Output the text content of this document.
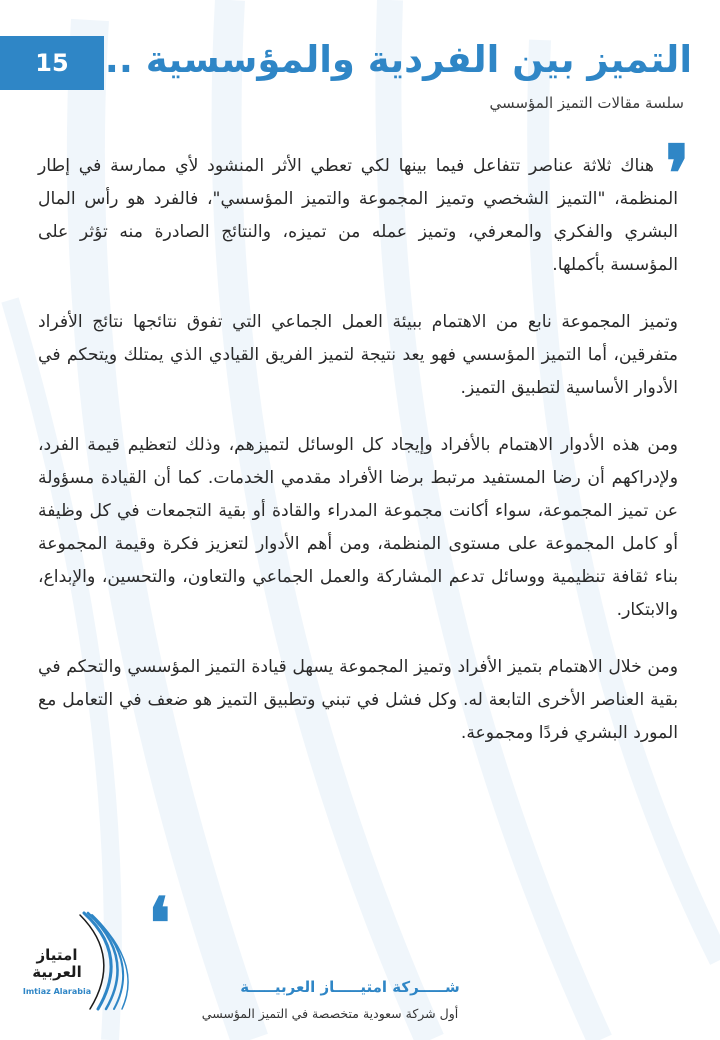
15 التميز بين الفردية والمؤسسية ..
سلسة مقالات التميز المؤسسي
❜

هناك ثلاثة عناصر تتفاعل فيما بينها لكي تعطي الأثر المنشود لأي ممارسة في إطار المنظمة، "التميز الشخصي وتميز المجموعة والتميز المؤسسي"، فالفرد هو رأس المال البشري والفكري والمعرفي، وتميز عمله من تميزه، والنتائج الصادرة منه تؤثر على المؤسسة بأكملها.

وتميز المجموعة نابع من الاهتمام ببيئة العمل الجماعي التي تفوق نتائجها نتائج الأفراد متفرقين، أما التميز المؤسسي فهو يعد نتيجة لتميز الفريق القيادي الذي يمتلك ويتحكم في الأدوار الأساسية لتطبيق التميز.

ومن هذه الأدوار الاهتمام بالأفراد وإيجاد كل الوسائل لتميزهم، وذلك لتعظيم قيمة الفرد، ولإدراكهم أن رضا المستفيد مرتبط برضا الأفراد مقدمي الخدمات. كما أن القيادة مسؤولة عن تميز المجموعة، سواء أكانت مجموعة المدراء والقادة أو بقية التجمعات في كل وظيفة أو كامل المجموعة على مستوى المنظمة، ومن أهم الأدوار لتعزيز فكرة وقيمة المجموعة بناء ثقافة تنظيمية ووسائل تدعم المشاركة والعمل الجماعي والتعاون، والتحسين، والإبداع، والابتكار.

ومن خلال الاهتمام بتميز الأفراد وتميز المجموعة يسهل قيادة التميز المؤسسي والتحكم في بقية العناصر الأخرى التابعة له. وكل فشل في تبني وتطبيق التميز هو ضعف في التعامل مع المورد البشري فردًا ومجموعة.

❜
امتياز
العربية
Imtiaz Alarabia	شـــــركة امتيـــــاز العربيـــــة
أول شركة سعودية متخصصة في التميز المؤسسي
